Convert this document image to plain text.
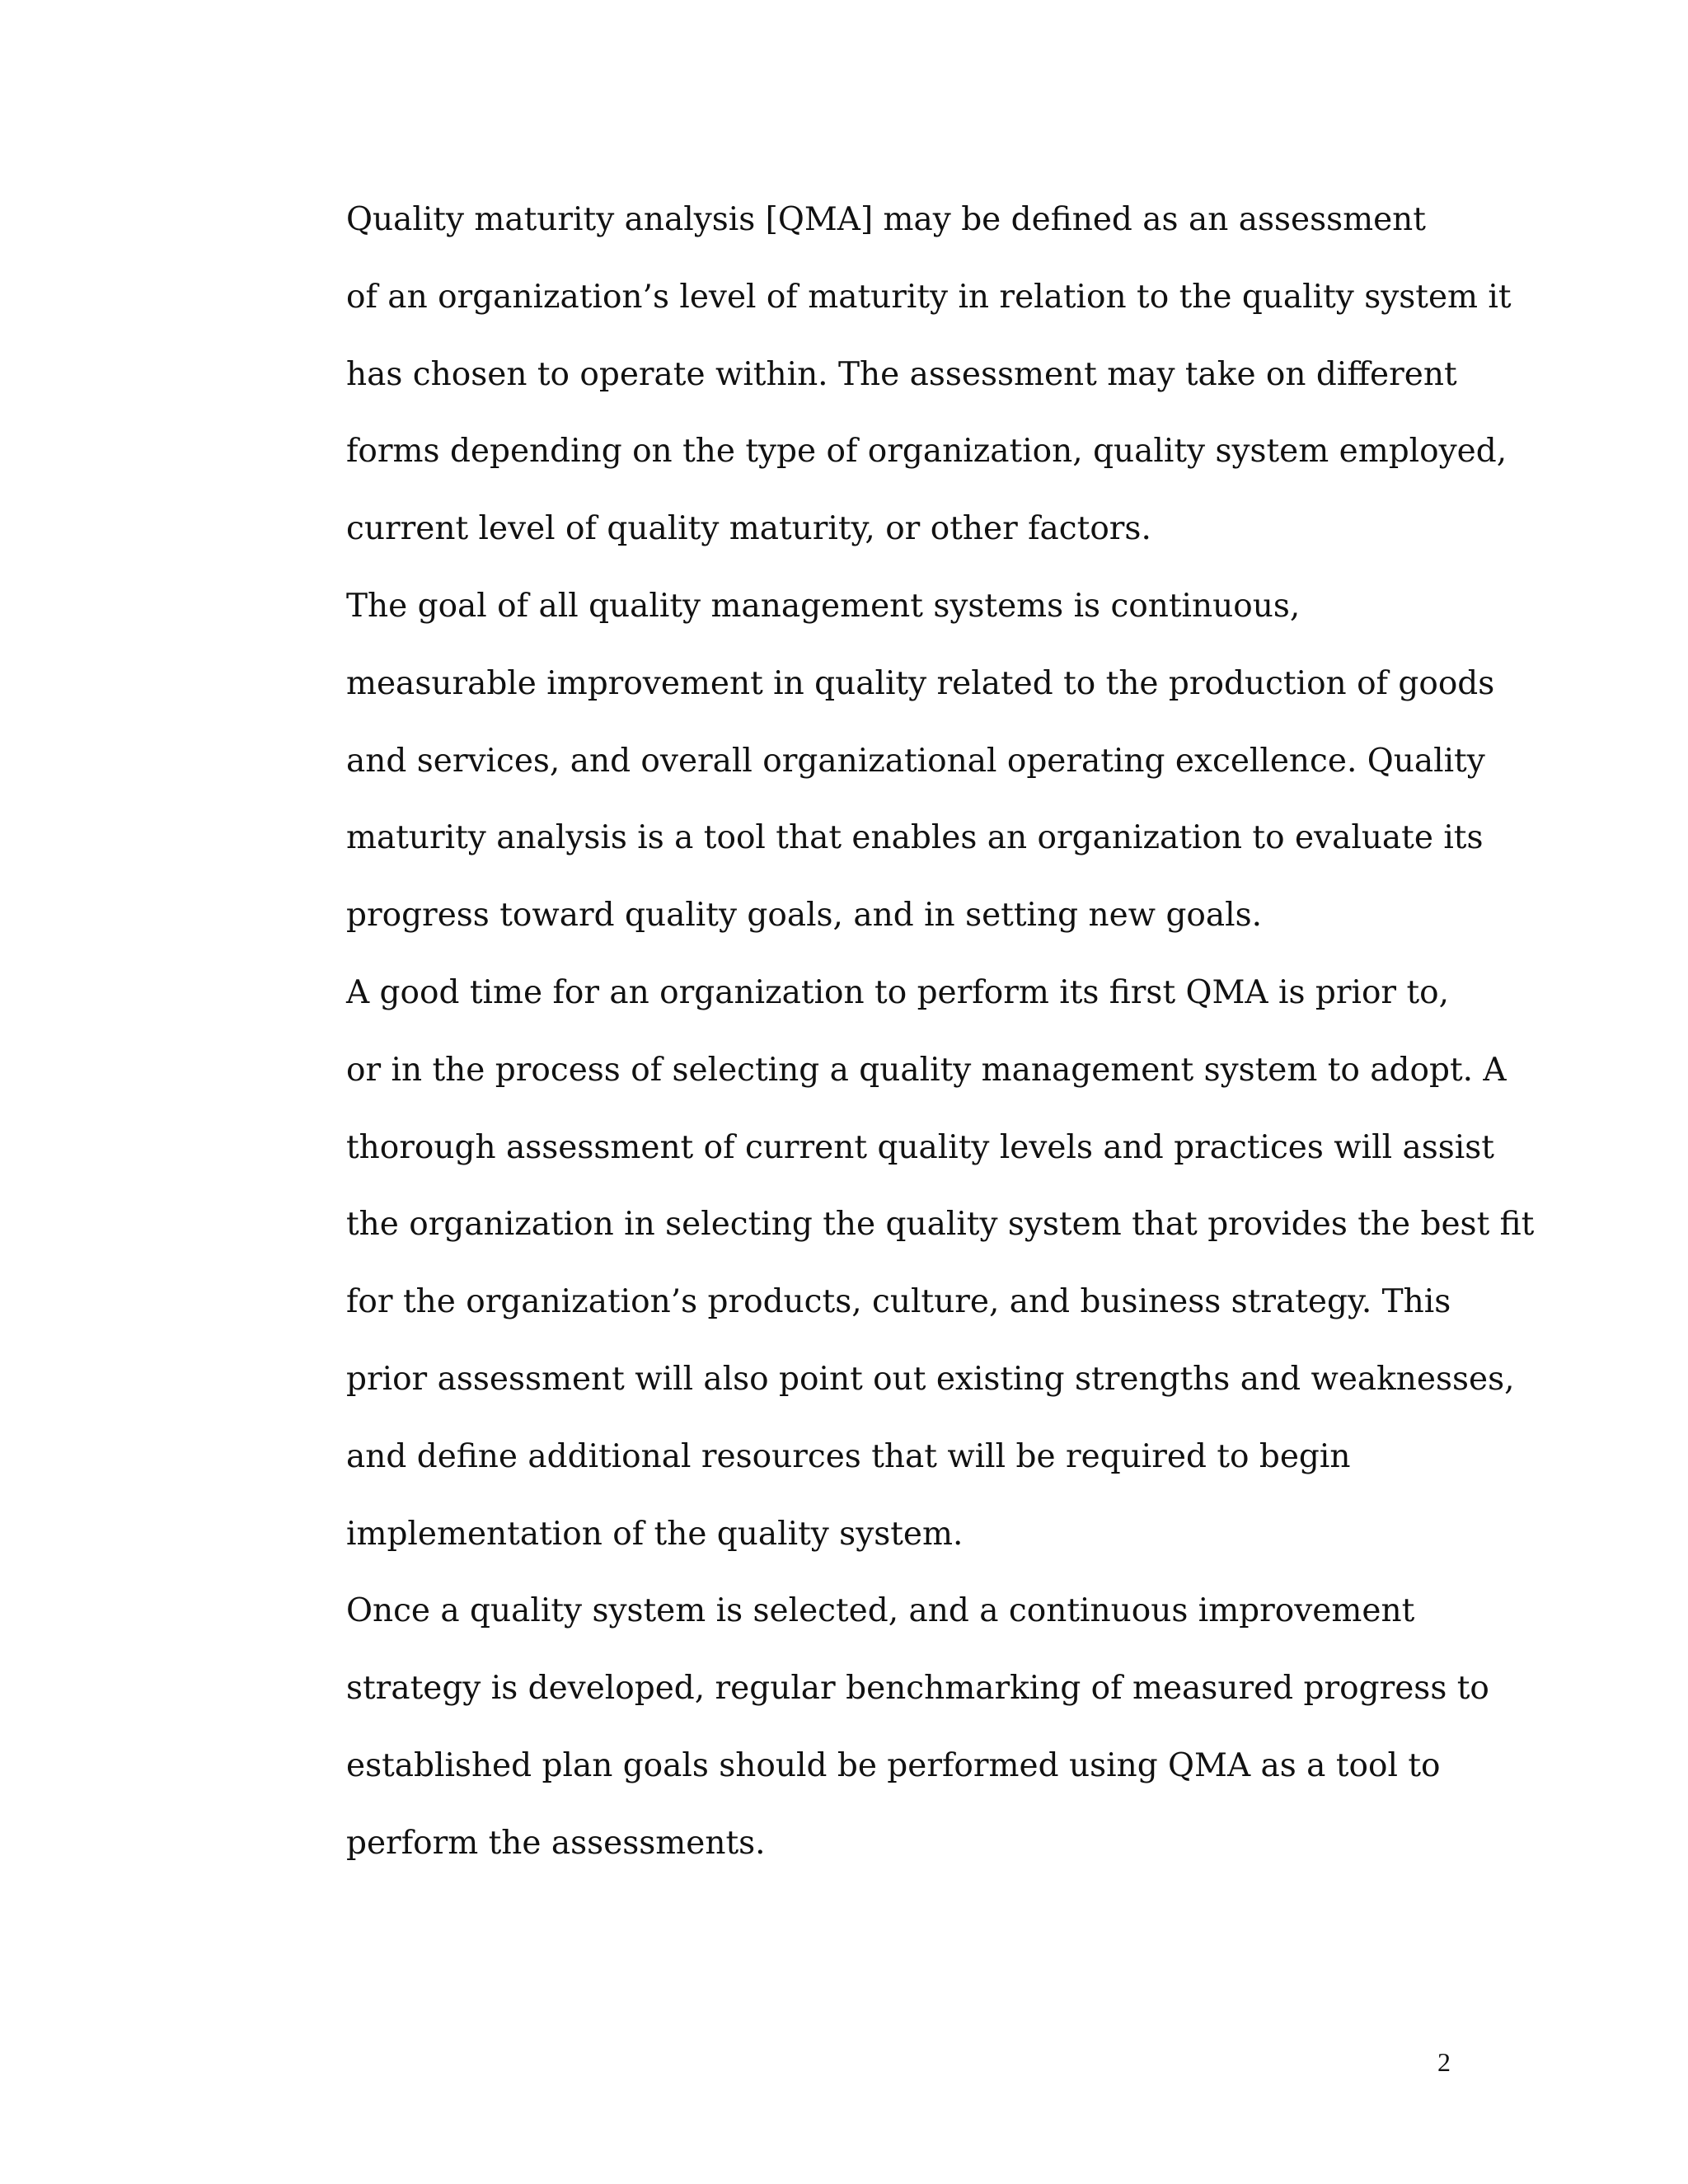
Quality maturity analysis [QMA] may be defined as an assessment
of an organization’s level of maturity in relation to the quality system it
has chosen to operate within. The assessment may take on different
forms depending on the type of organization, quality system employed,
current level of quality maturity, or other factors.

The goal of all quality management systems is continuous,
measurable improvement in quality related to the production of goods
and services, and overall organizational operating excellence. Quality
maturity analysis is a tool that enables an organization to evaluate its
progress toward quality goals, and in setting new goals.

A good time for an organization to perform its first QMA is prior to,
or in the process of selecting a quality management system to adopt. A
thorough assessment of current quality levels and practices will assist
the organization in selecting the quality system that provides the best fit
for the organization’s products, culture, and business strategy. This
prior assessment will also point out existing strengths and weaknesses,
and define additional resources that will be required to begin
implementation of the quality system.

Once a quality system is selected, and a continuous improvement
strategy is developed, regular benchmarking of measured progress to
established plan goals should be performed using QMA as a tool to
perform the assessments.

2
